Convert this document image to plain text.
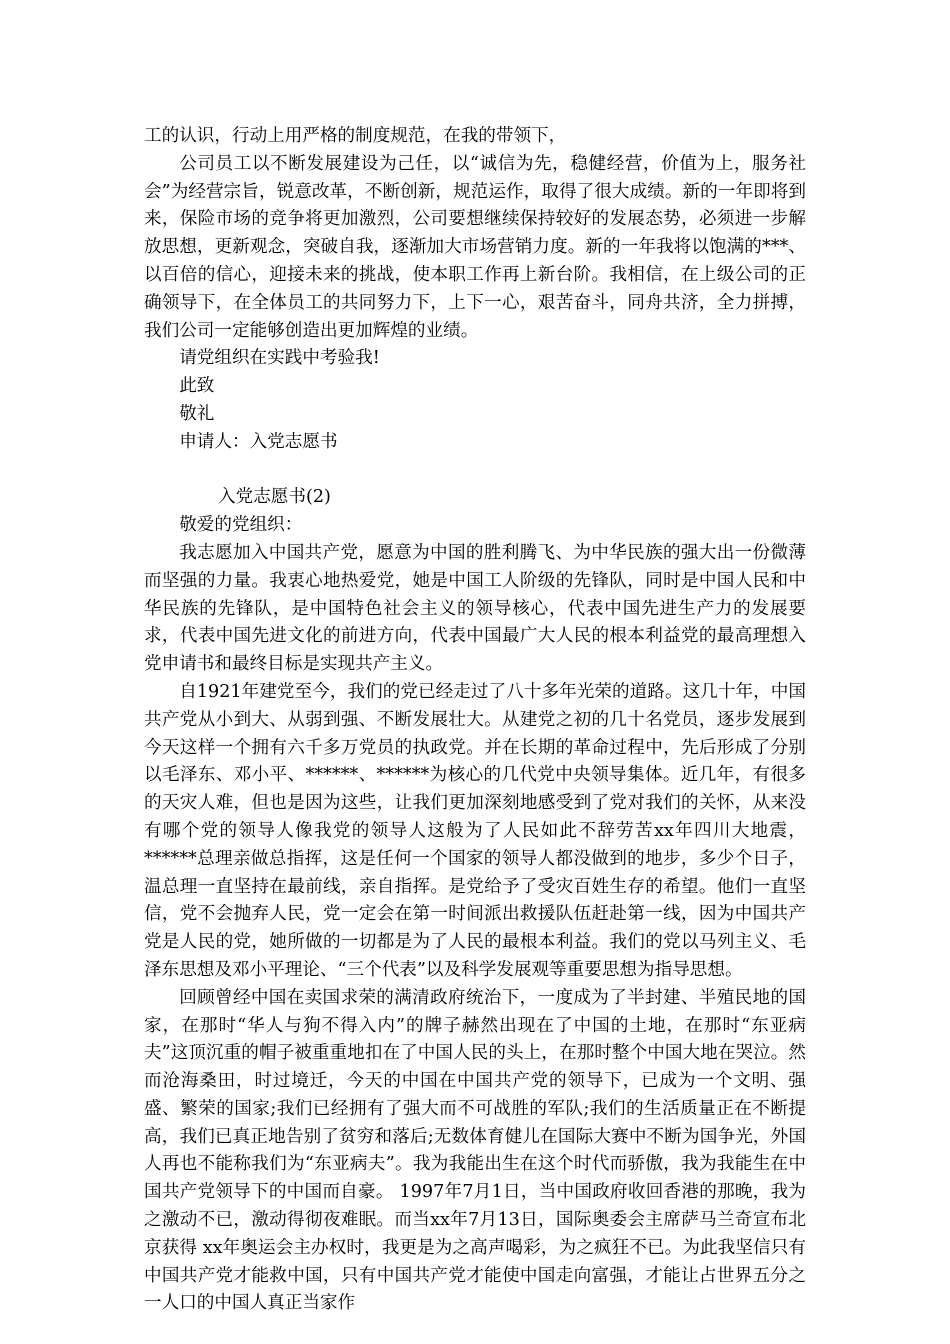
工的认识，行动上用严格的制度规范，在我的带领下，

公司员工以不断发展建设为己任，以“诚信为先，稳健经营，价值为上，服务社会”为经营宗旨，锐意改革，不断创新，规范运作，取得了很大成绩。新的一年即将到来，保险市场的竞争将更加激烈，公司要想继续保持较好的发展态势，必须进一步解放思想，更新观念，突破自我，逐渐加大市场营销力度。新的一年我将以饱满的***、以百倍的信心，迎接未来的挑战，使本职工作再上新台阶。我相信，在上级公司的正确领导下，在全体员工的共同努力下，上下一心，艰苦奋斗，同舟共济，全力拼搏，我们公司一定能够创造出更加辉煌的业绩。

请党组织在实践中考验我!

此致

敬礼

申请人：入党志愿书

入党志愿书(2)

敬爱的党组织：

我志愿加入中国共产党，愿意为中国的胜利腾飞、为中华民族的强大出一份微薄而坚强的力量。我衷心地热爱党，她是中国工人阶级的先锋队，同时是中国人民和中华民族的先锋队，是中国特色社会主义的领导核心，代表中国先进生产力的发展要求，代表中国先进文化的前进方向，代表中国最广大人民的根本利益党的最高理想入党申请书和最终目标是实现共产主义。

自1921年建党至今，我们的党已经走过了八十多年光荣的道路。这几十年，中国共产党从小到大、从弱到强、不断发展壮大。从建党之初的几十名党员，逐步发展到今天这样一个拥有六千多万党员的执政党。并在长期的革命过程中，先后形成了分别以毛泽东、邓小平、******、******为核心的几代党中央领导集体。近几年，有很多的天灾人难，但也是因为这些，让我们更加深刻地感受到了党对我们的关怀，从来没有哪个党的领导人像我党的领导人这般为了人民如此不辞劳苦xx年四川大地震，******总理亲做总指挥，这是任何一个国家的领导人都没做到的地步，多少个日子，温总理一直坚持在最前线，亲自指挥。是党给予了受灾百姓生存的希望。他们一直坚信，党不会抛弃人民，党一定会在第一时间派出救援队伍赶赴第一线，因为中国共产党是人民的党，她所做的一切都是为了人民的最根本利益。我们的党以马列主义、毛泽东思想及邓小平理论、“三个代表”以及科学发展观等重要思想为指导思想。

回顾曾经中国在卖国求荣的满清政府统治下，一度成为了半封建、半殖民地的国家，在那时“华人与狗不得入内”的牌子赫然出现在了中国的土地，在那时“东亚病夫”这顶沉重的帽子被重重地扣在了中国人民的头上，在那时整个中国大地在哭泣。然而沧海桑田，时过境迁，今天的中国在中国共产党的领导下，已成为一个文明、强盛、繁荣的国家;我们已经拥有了强大而不可战胜的军队;我们的生活质量正在不断提高，我们已真正地告别了贫穷和落后;无数体育健儿在国际大赛中不断为国争光，外国人再也不能称我们为“东亚病夫”。我为我能出生在这个时代而骄傲，我为我能生在中国共产党领导下的中国而自豪。 1997年7月1日，当中国政府收回香港的那晚，我为之激动不已，激动得彻夜难眠。而当xx年7月13日，国际奥委会主席萨马兰奇宣布北京获得 xx年奥运会主办权时，我更是为之高声喝彩，为之疯狂不已。为此我坚信只有中国共产党才能救中国，只有中国共产党才能使中国走向富强，才能让占世界五分之一人口的中国人真正当家作
